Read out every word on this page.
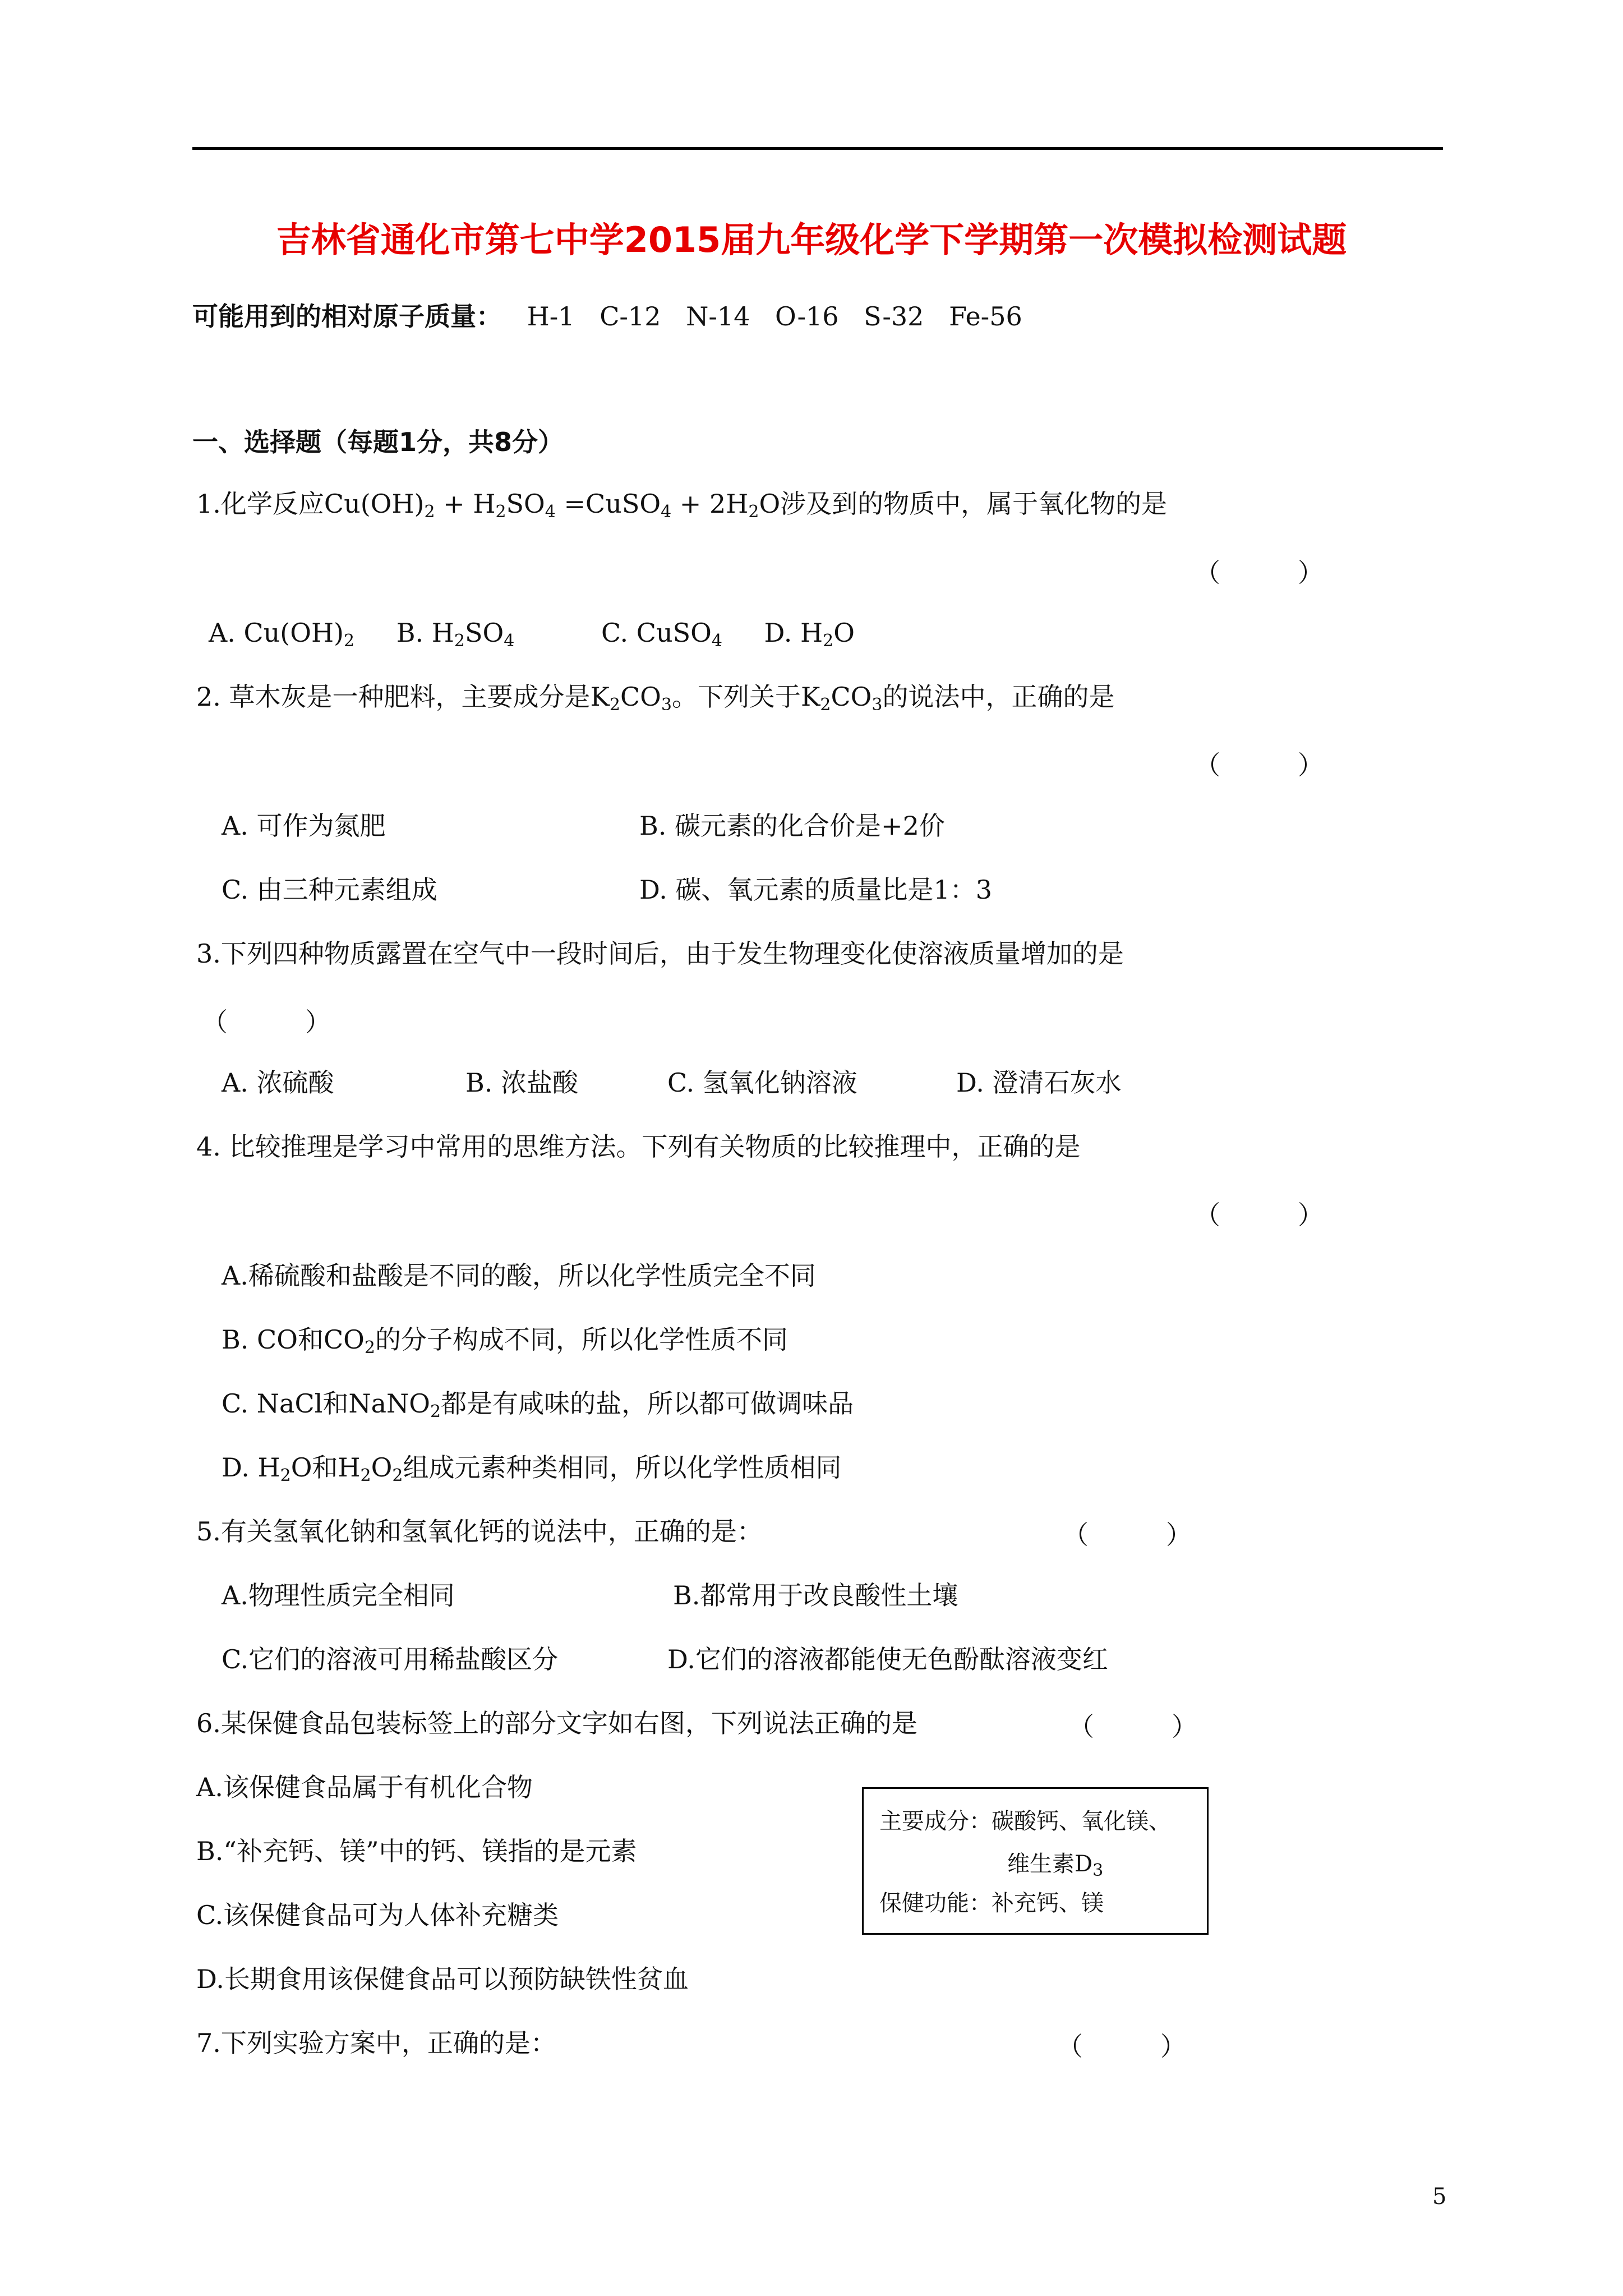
吉林省通化市第七中学2015届九年级化学下学期第一次模拟检测试题
可能用到的相对原子质量： H-1 C-12 N-14 O-16 S-32 Fe-56
一、选择题（每题1分，共8分）
1.化学反应$Cu(OH)_2 + H_2SO_4$ =CuSO$_4$ + $2H_2O$涉及到的物质中，属于氧化物的是
（　　　）
A. $Cu(OH)_2$ B. $H_2SO_4$	C. CuSO$_4$ D. $H_2O$
2. 草木灰是一种肥料，主要成分是$K_2CO_3$。下列关于$K_2CO_3$的说法中，正确的是
（　　　）
A. 可作为氮肥	B. 碳元素的化合价是+2价
C. 由三种元素组成	D. 碳、氧元素的质量比是1：3
3.下列四种物质露置在空气中一段时间后，由于发生物理变化使溶液质量增加的是
（　　　）
A. 浓硫酸	B. 浓盐酸	C. 氢氧化钠溶液	D. 澄清石灰水
4. 比较推理是学习中常用的思维方法。下列有关物质的比较推理中，正确的是
（　　　）
A.稀硫酸和盐酸是不同的酸，所以化学性质完全不同
B. CO和$CO_2$的分子构成不同，所以化学性质不同
C. NaCl和NaNO$_2$都是有咸味的盐，所以都可做调味品
D. $H_2O$和$H_2O_2$组成元素种类相同，所以化学性质相同
5.有关氢氧化钠和氢氧化钙的说法中，正确的是：	（　　　）
A.物理性质完全相同	B.都常用于改良酸性土壤
C.它们的溶液可用稀盐酸区分	D.它们的溶液都能使无色酚酞溶液变红
6.某保健食品包装标签上的部分文字如右图，下列说法正确的是	（　　　）
A.该保健食品属于有机化合物
B.“补充钙、镁”中的钙、镁指的是元素
C.该保健食品可为人体补充糖类
D.长期食用该保健食品可以预防缺铁性贫血
主要成分：碳酸钙、氧化镁、
维生素$D_3$
保健功能：补充钙、镁
7.下列实验方案中，正确的是：	（　　　）
5
